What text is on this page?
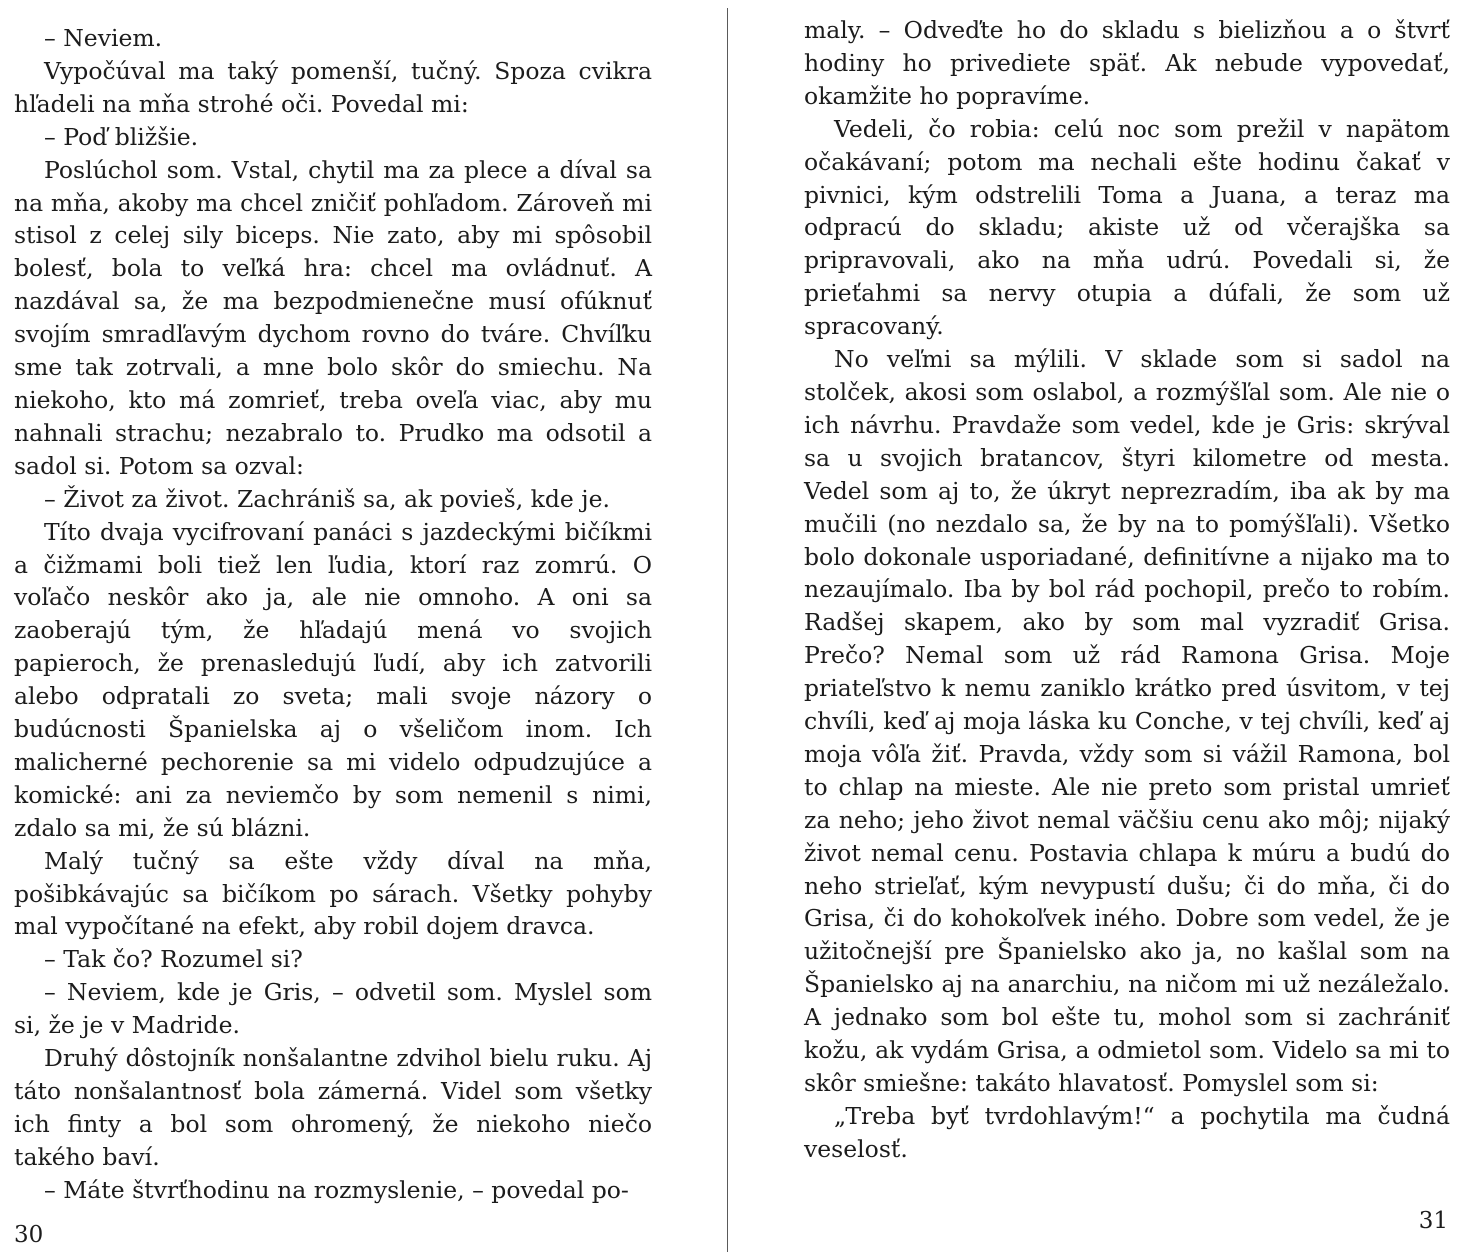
– Neviem.

Vypočúval ma taký pomenší, tučný. Spoza cvikra hľadeli na mňa strohé oči. Povedal mi:

– Poď bližšie.

Poslúchol som. Vstal, chytil ma za plece a díval sa na mňa, akoby ma chcel zničiť pohľadom. Zároveň mi stisol z celej sily biceps. Nie zato, aby mi spôsobil bolesť, bola to veľká hra: chcel ma ovládnuť. A nazdával sa, že ma bezpodmienečne musí ofúknuť svojím smradľavým dychom rovno do tváre. Chvíľku sme tak zotrvali, a mne bolo skôr do smiechu. Na niekoho, kto má zomrieť, treba oveľa viac, aby mu nahnali strachu; nezabralo to. Prudko ma odsotil a sadol si. Potom sa ozval:

– Život za život. Zachrániš sa, ak povieš, kde je.

Títo dvaja vycifrovaní panáci s jazdeckými bičíkmi a čižmami boli tiež len ľudia, ktorí raz zomrú. O voľačo neskôr ako ja, ale nie omnoho. A oni sa zaoberajú tým, že hľadajú mená vo svojich papieroch, že prenasledujú ľudí, aby ich zatvorili alebo odpratali zo sveta; mali svoje názory o budúcnosti Španielska aj o všeličom inom. Ich malicherné pechorenie sa mi videlo odpudzujúce a komické: ani za neviemčo by som nemenil s nimi, zdalo sa mi, že sú blázni.

Malý tučný sa ešte vždy díval na mňa, pošibkávajúc sa bičíkom po sárach. Všetky pohyby mal vypočítané na efekt, aby robil dojem dravca.

– Tak čo? Rozumel si?

– Neviem, kde je Gris, – odvetil som. Myslel som si, že je v Madride.

Druhý dôstojník nonšalantne zdvihol bielu ruku. Aj táto nonšalantnosť bola zámerná. Videl som všetky ich finty a bol som ohromený, že niekoho niečo takého baví.

– Máte štvrťhodinu na rozmyslenie, – povedal po-

30

maly. – Odveďte ho do skladu s bielizňou a o štvrť hodiny ho privediete späť. Ak nebude vypovedať, okamžite ho popravíme.

Vedeli, čo robia: celú noc som prežil v napätom očakávaní; potom ma nechali ešte hodinu čakať v pivnici, kým odstrelili Toma a Juana, a teraz ma odpracú do skladu; akiste už od včerajška sa pripravovali, ako na mňa udrú. Povedali si, že prieťahmi sa nervy otupia a dúfali, že som už spracovaný.

No veľmi sa mýlili. V sklade som si sadol na stolček, akosi som oslabol, a rozmýšľal som. Ale nie o ich návrhu. Pravdaže som vedel, kde je Gris: skrýval sa u svojich bratancov, štyri kilometre od mesta. Vedel som aj to, že úkryt neprezradím, iba ak by ma mučili (no nezdalo sa, že by na to pomýšľali). Všetko bolo dokonale usporiadané, definitívne a nijako ma to nezaujímalo. Iba by bol rád pochopil, prečo to robím. Radšej skapem, ako by som mal vyzradiť Grisa. Prečo? Nemal som už rád Ramona Grisa. Moje priateľstvo k nemu zaniklo krátko pred úsvitom, v tej chvíli, keď aj moja láska ku Conche, v tej chvíli, keď aj moja vôľa žiť. Pravda, vždy som si vážil Ramona, bol to chlap na mieste. Ale nie preto som pristal umrieť za neho; jeho život nemal väčšiu cenu ako môj; nijaký život nemal cenu. Postavia chlapa k múru a budú do neho strieľať, kým nevypustí dušu; či do mňa, či do Grisa, či do kohokoľvek iného. Dobre som vedel, že je užitočnejší pre Španielsko ako ja, no kašlal som na Španielsko aj na anarchiu, na ničom mi už nezáležalo. A jednako som bol ešte tu, mohol som si zachrániť kožu, ak vydám Grisa, a odmietol som. Videlo sa mi to skôr smiešne: takáto hlavatosť. Pomyslel som si:

„Treba byť tvrdohlavým!“ a pochytila ma čudná veselosť.

31
